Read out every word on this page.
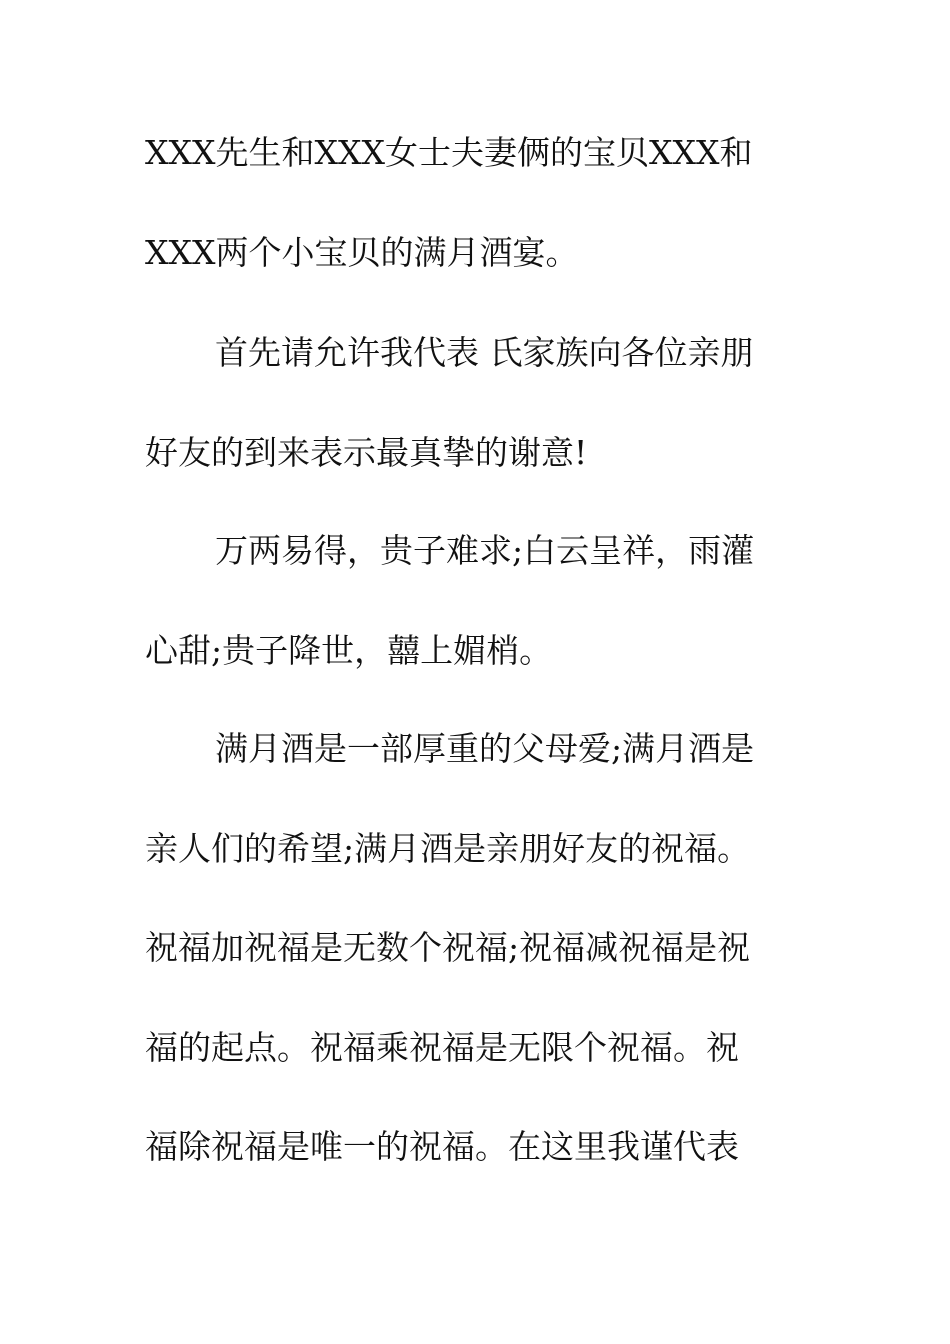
XXX先生和XXX女士夫妻俩的宝贝XXX和
XXX两个小宝贝的满月酒宴。
首先请允许我代表 氏家族向各位亲朋
好友的到来表示最真挚的谢意!
万两易得，贵子难求;白云呈祥，雨灌
心甜;贵子降世，囍上媚梢。
满月酒是一部厚重的父母爱;满月酒是
亲人们的希望;满月酒是亲朋好友的祝福。
祝福加祝福是无数个祝福;祝福减祝福是祝
福的起点。祝福乘祝福是无限个祝福。祝
福除祝福是唯一的祝福。在这里我谨代表
